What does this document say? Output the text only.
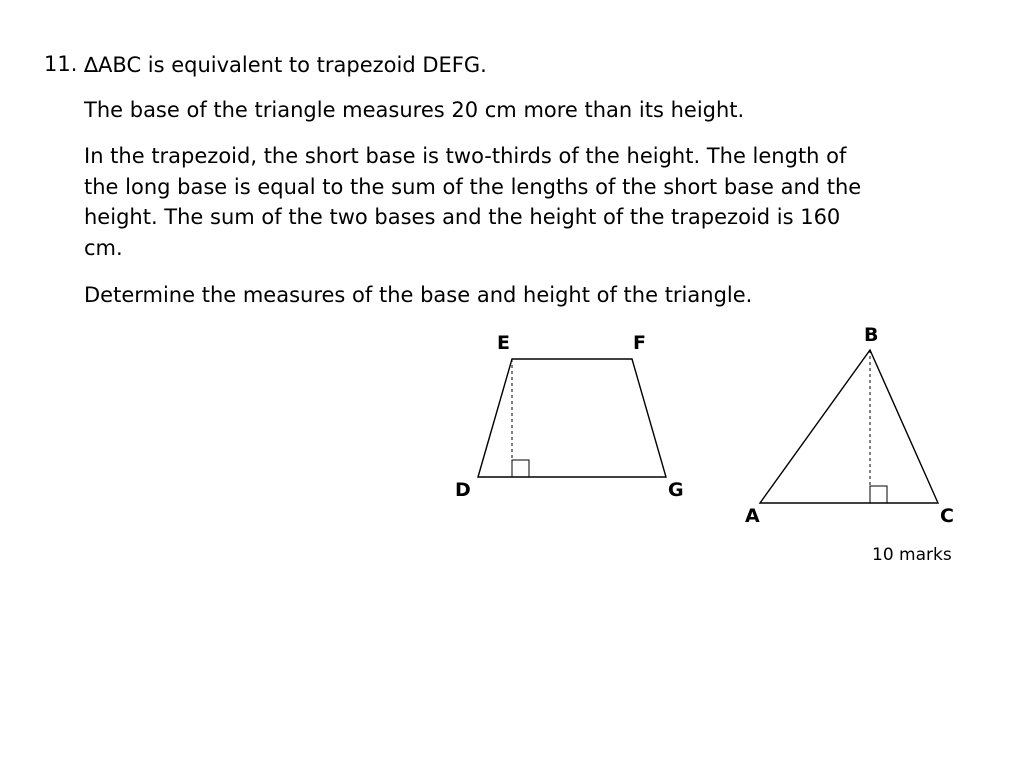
11. ∆ABC is equivalent to trapezoid DEFG.

The base of the triangle measures 20 cm more than its height.

In the trapezoid, the short base is two-thirds of the height. The length of the long base is equal to the sum of the lengths of the short base and the height. The sum of the two bases and the height of the trapezoid is 160 cm.

Determine the measures of the base and height of the triangle.

E	F
D	G
B
A	C
10 marks
